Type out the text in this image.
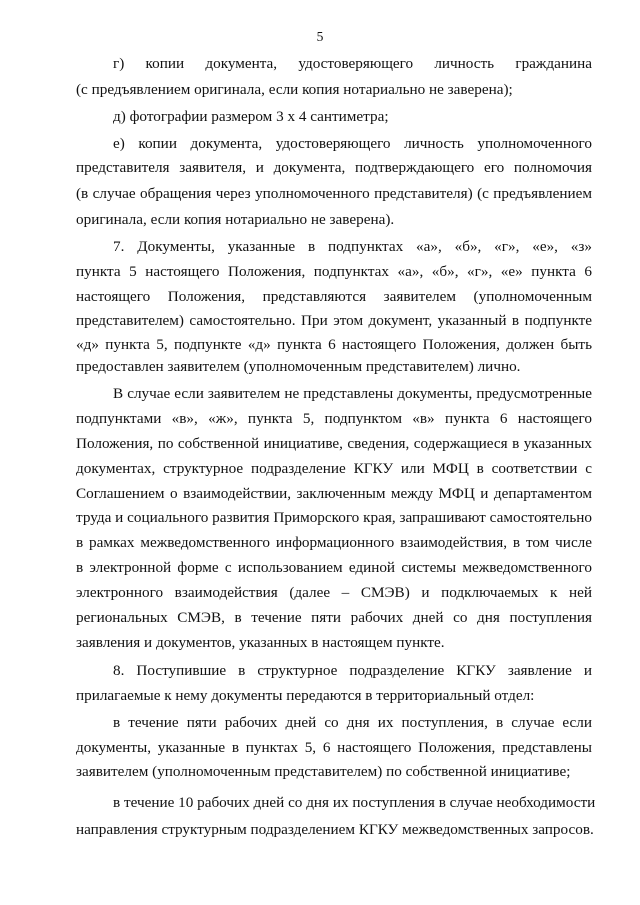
5
г) копии документа, удостоверяющего личность гражданина
(с предъявлением оригинала, если копия нотариально не заверена);
д) фотографии размером 3 х 4 сантиметра;
е) копии документа, удостоверяющего личность уполномоченного
представителя заявителя, и документа, подтверждающего его полномочия
(в случае обращения через уполномоченного представителя) (с предъявлением
оригинала, если копия нотариально не заверена).
7. Документы, указанные в подпунктах «а», «б», «г», «е», «з»
пункта 5 настоящего Положения, подпунктах «а», «б», «г», «е» пункта 6
настоящего Положения, представляются заявителем (уполномоченным
представителем) самостоятельно. При этом документ, указанный в подпункте
«д» пункта 5, подпункте «д» пункта 6 настоящего Положения, должен быть
предоставлен заявителем (уполномоченным представителем) лично.
В случае если заявителем не представлены документы, предусмотренные
подпунктами «в», «ж», пункта 5, подпунктом «в» пункта 6 настоящего
Положения, по собственной инициативе, сведения, содержащиеся в указанных
документах, структурное подразделение КГКУ или МФЦ в соответствии с
Соглашением о взаимодействии, заключенным между МФЦ и департаментом
труда и социального развития Приморского края, запрашивают самостоятельно
в рамках межведомственного информационного взаимодействия, в том числе
в электронной форме с использованием единой системы межведомственного
электронного взаимодействия (далее – СМЭВ) и подключаемых к ней
региональных СМЭВ, в течение пяти рабочих дней со дня поступления
заявления и документов, указанных в настоящем пункте.
8. Поступившие в структурное подразделение КГКУ заявление и
прилагаемые к нему документы передаются в территориальный отдел:
в течение пяти рабочих дней со дня их поступления, в случае если
документы, указанные в пунктах 5, 6 настоящего Положения, представлены
заявителем (уполномоченным представителем) по собственной инициативе;
в течение 10 рабочих дней со дня их поступления в случае необходимости
направления структурным подразделением КГКУ межведомственных запросов.
